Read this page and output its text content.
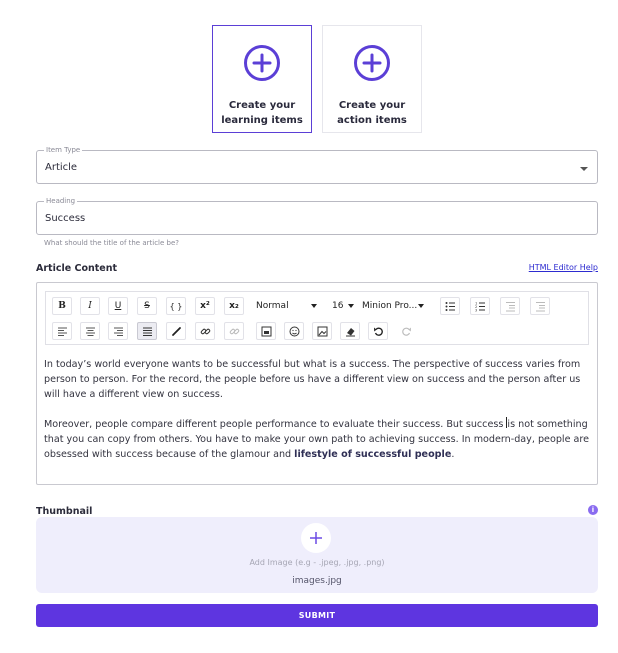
Create your
learning items
Create your
action items
Item Type
Article
Heading
Success
What should the title of the article be?
Article Content	HTML Editor Help
B	I	U	S	{ }	x²	x₂	Normal	16 Minion Pro...	1
2
3

In today’s world everyone wants to be successful but what is a success. The perspective of success varies from person to person. For the record, the people before us have a different view on success and the person after us will have a different view on success.

Moreover, people compare different people performance to evaluate their success. But success is not something that you can copy from others. You have to make your own path to achieving success. In modern-day, people are obsessed with success because of the glamour and lifestyle of successful people.

Thumbnail	i
Add Image (e.g - .jpeg, .jpg, .png)
images.jpg
SUBMIT
